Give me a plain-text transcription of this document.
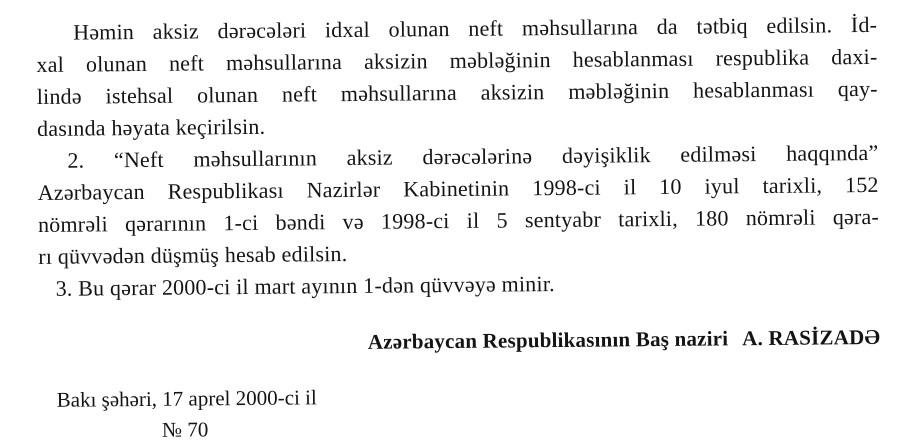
Həmin aksiz dərəcələri idxal olunan neft məhsullarına da tətbiq edilsin. İd-
xal olunan neft məhsullarına aksizin məbləğinin hesablanması respublika daxi-
lində istehsal olunan neft məhsullarına aksizin məbləğinin hesablanması qay-
dasında həyata keçirilsin.
2. “Neft məhsullarının aksiz dərəcələrinə dəyişiklik edilməsi haqqında”
Azərbaycan Respublikası Nazirlər Kabinetinin 1998-ci il 10 iyul tarixli, 152
nömrəli qərarının 1-ci bəndi və 1998-ci il 5 sentyabr tarixli, 180 nömrəli qəra-
rı qüvvədən düşmüş hesab edilsin.
3. Bu qərar 2000-ci il mart ayının 1-dən qüvvəyə minir.
Azərbaycan Respublikasının Baş naziri A. RASİZADƏ
Bakı şəhəri, 17 aprel 2000-ci il
№ 70
